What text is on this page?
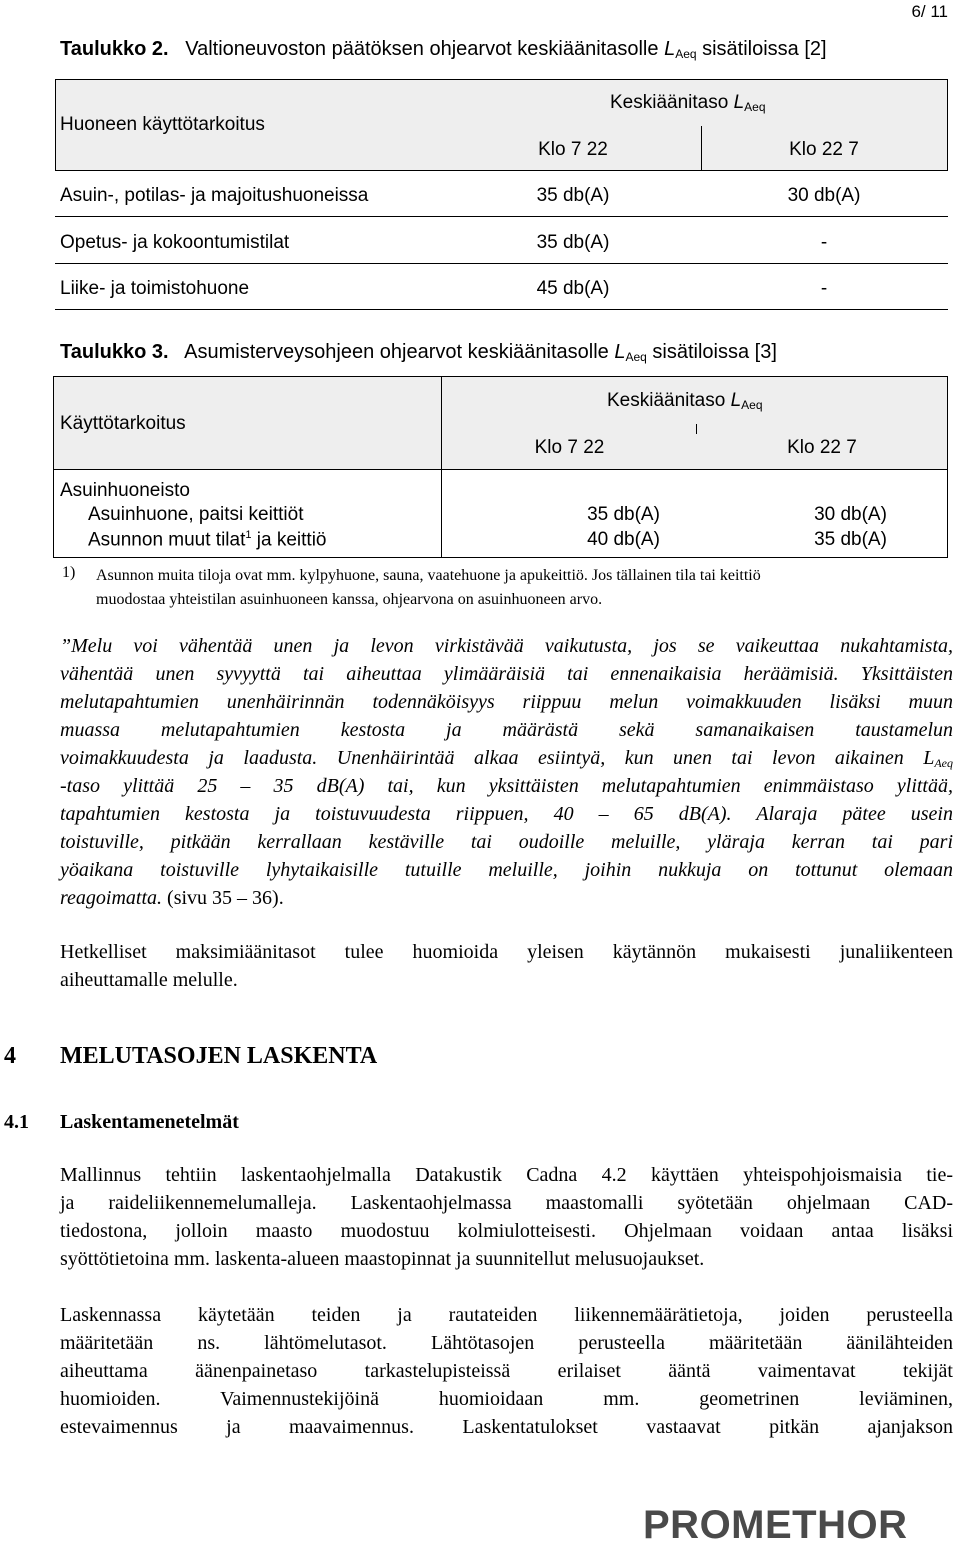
6/ 11
Taulukko 2. Valtioneuvoston päätöksen ohjearvot keskiäänitasolle $L_{Aeq}$ sisätiloissa [2]
Huoneen käyttötarkoitus
Keskiäänitaso $L_{Aeq}$
Klo 7 22	Klo 22 7
Asuin-, potilas- ja majoitushuoneissa	35 db(A)	30 db(A)
Opetus- ja kokoontumistilat	35 db(A)	-
Liike- ja toimistohuone	45 db(A)	-
Taulukko 3. Asumisterveysohjeen ohjearvot keskiäänitasolle $L_{Aeq}$ sisätiloissa [3]
Käyttötarkoitus
Keskiäänitaso $L_{Aeq}$
Klo 7 22	Klo 22 7
Asuinhuoneisto
Asuinhuone, paitsi keittiöt	35 db(A)	30 db(A)
Asunnon muut tilat$^1$ ja keittiö	40 db(A)	35 db(A)
1) Asunnon muita tiloja ovat mm. kylpyhuone, sauna, vaatehuone ja apukeittiö. Jos tällainen tila tai keittiö
muodostaa yhteistilan asuinhuoneen kanssa, ohjearvona on asuinhuoneen arvo.
”Melu voi vähentää unen ja levon virkistävää vaikutusta, jos se vaikeuttaa nukahtamista,
vähentää unen syvyyttä tai aiheuttaa ylimääräisiä tai ennenaikaisia heräämisiä. Yksittäisten
melutapahtumien unenhäirinnän todennäköisyys riippuu melun voimakkuuden lisäksi muun
muassa melutapahtumien kestosta ja määrästä sekä samanaikaisen taustamelun
voimakkuudesta ja laadusta. Unenhäirintää alkaa esiintyä, kun unen tai levon aikainen $L_{Aeq}$
-taso ylittää 25 – 35 dB(A) tai, kun yksittäisten melutapahtumien enimmäistaso ylittää,
tapahtumien kestosta ja toistuvuudesta riippuen, 40 – 65 dB(A). Alaraja pätee usein
toistuville, pitkään kerrallaan kestäville tai oudoille meluille, yläraja kerran tai pari
yöaikana toistuville lyhytaikaisille tutuille meluille, joihin nukkuja on tottunut olemaan
reagoimatta. (sivu 35 – 36).
Hetkelliset maksimiäänitasot tulee huomioida yleisen käytännön mukaisesti junaliikenteen
aiheuttamalle melulle.
4 MELUTASOJEN LASKENTA
4.1 Laskentamenetelmät
Mallinnus tehtiin laskentaohjelmalla Datakustik Cadna 4.2 käyttäen yhteispohjoismaisia tie-
ja raideliikennemelumalleja. Laskentaohjelmassa maastomalli syötetään ohjelmaan CAD-
tiedostona, jolloin maasto muodostuu kolmiulotteisesti. Ohjelmaan voidaan antaa lisäksi
syöttötietoina mm. laskenta-alueen maastopinnat ja suunnitellut melusuojaukset.
Laskennassa käytetään teiden ja rautateiden liikennemäärätietoja, joiden perusteella
määritetään ns. lähtömelutasot. Lähtötasojen perusteella määritetään äänilähteiden
aiheuttama äänenpainetaso tarkastelupisteissä erilaiset ääntä vaimentavat tekijät
huomioiden. Vaimennustekijöinä huomioidaan mm. geometrinen leviäminen,
estevaimennus ja maavaimennus. Laskentatulokset vastaavat pitkän ajanjakson
PROMETHOR
